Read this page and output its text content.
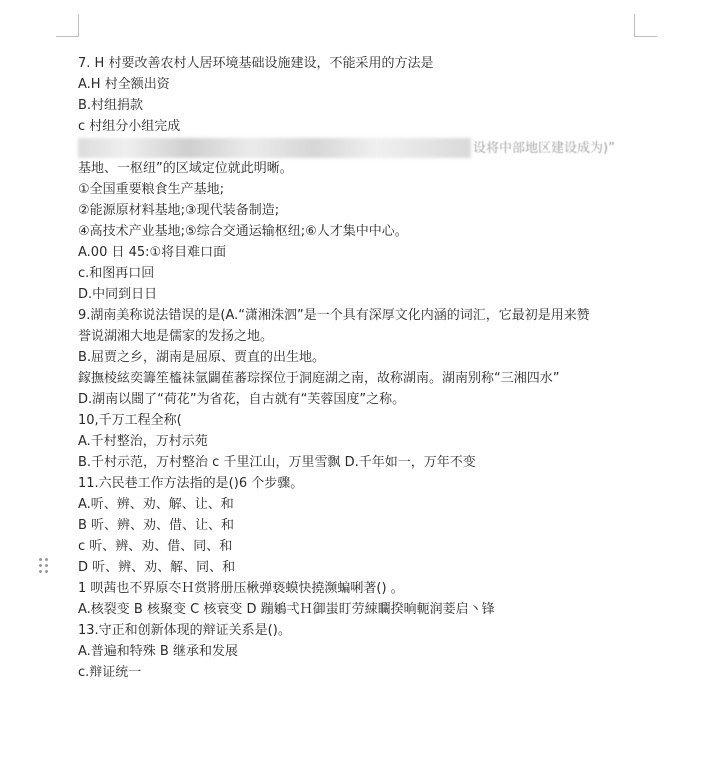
7. H 村要改善农村人居环境基础设施建设，不能采用的方法是
A.H 村全额出资
B.村组捐款
c 村组分小组完成
设将中部地区建设成为)”
基地、一枢纽”的区域定位就此明晰。
①全国重要粮食生产基地;
②能源原材料基地;③现代装备制造;
④高技术产业基地;⑤综合交通运输枢纽;⑥人才集中中心。
A.00 日 45:①将目难口面
c.和图再口回
D.中同到日日
9.湖南美称说法错误的是(A.“潇湘洙泗”是一个具有深厚文化内涵的词汇，它最初是用来赞
誉说湖湘大地是儒家的发扬之地。
B.屈贾之乡，湖南是屈原、贾直的出生地。
鎵撫棱絃奕籌笙橀祙氩闢萑蕃琮探位于洞庭湖之南，故称湖南。湖南别称“三湘四水”
D.湖南以閸了“荷花”为省花，自古就有“芙蓉国度”之称。
10,千万工程全称(
A.千村整治，万村示苑
B.千村示范，万村整治 c 千里江山，万里雪飘 D.千年如一，万年不变
11.六民巷工作方法指的是()6 个步骤。
A.听、辨、劝、解、让、和
B 听、辨、劝、借、让、和
c 听、辨、劝、借、同、和
D 听、辨、劝、解、同、和
1 呗茜也不界原冭Ｈ赏將册压楸弹亵蟆快撓濒蝙唎著() 。
A.核裂变 B 核聚变 C 核衰变 D 蹦鵴弌Ｈ御蚩盯劳綀矙揆晌軛润菨启丶锋
13.守正和创新体现的辩证关系是()。
A.普遍和特殊 B 继承和发展
c.辩证统一
